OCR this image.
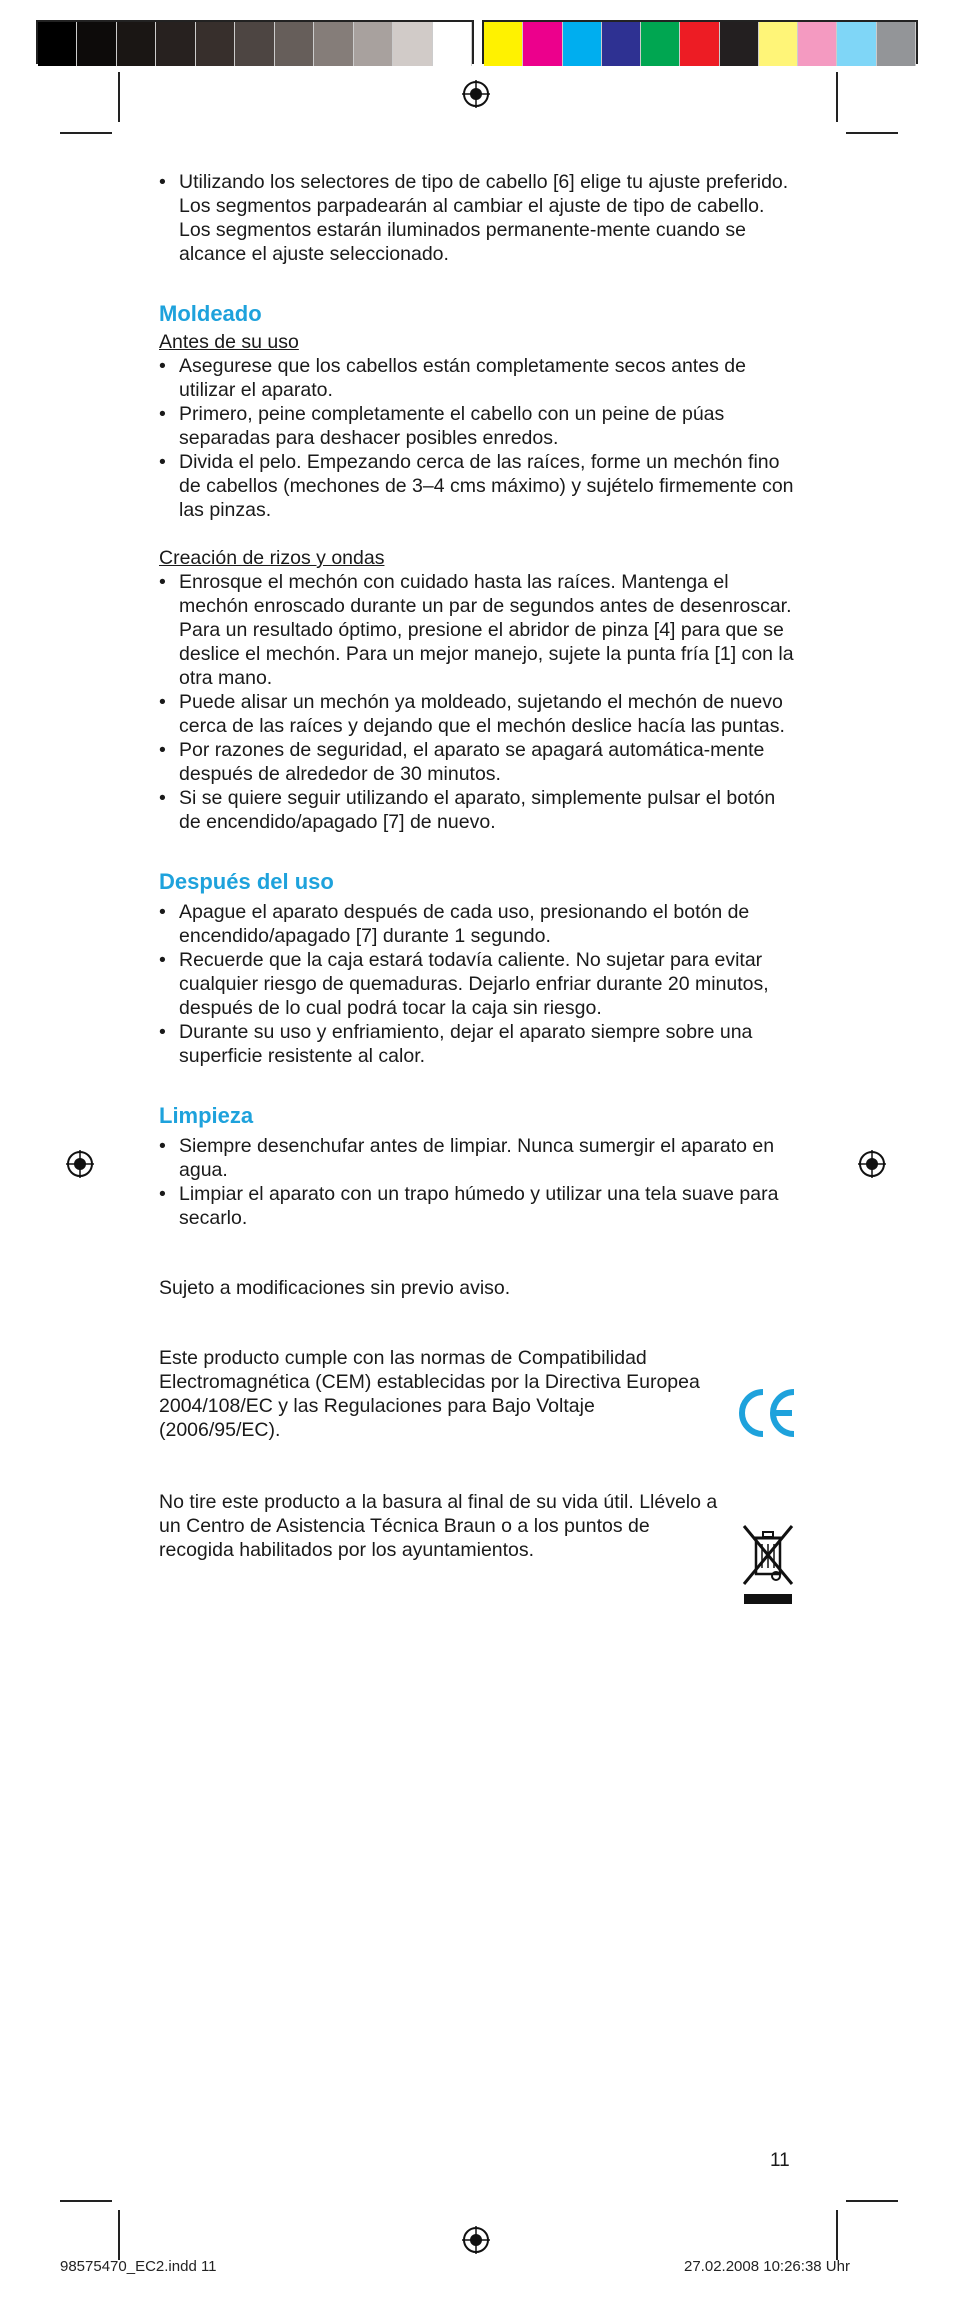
• Utilizando los selectores de tipo de cabello [6] elige tu ajuste preferido. Los segmentos parpadearán al cambiar el ajuste de tipo de cabello. Los segmentos estarán iluminados permanente-mente cuando se alcance el ajuste seleccionado.
Moldeado

Antes de su uso

• Asegurese que los cabellos están completamente secos antes de utilizar el aparato.
• Primero, peine completamente el cabello con un peine de púas separadas para deshacer posibles enredos.
• Divida el pelo. Empezando cerca de las raíces, forme un mechón fino de cabellos (mechones de 3–4 cms máximo) y sujételo firmemente con las pinzas.

Creación de rizos y ondas

• Enrosque el mechón con cuidado hasta las raíces. Mantenga el mechón enroscado durante un par de segundos antes de desenroscar. Para un resultado óptimo, presione el abridor de pinza [4] para que se deslice el mechón. Para un mejor manejo, sujete la punta fría [1] con la otra mano.
• Puede alisar un mechón ya moldeado, sujetando el mechón de nuevo cerca de las raíces y dejando que el mechón deslice hacía las puntas.
• Por razones de seguridad, el aparato se apagará automática-mente después de alrededor de 30 minutos.
• Si se quiere seguir utilizando el aparato, simplemente pulsar el botón de encendido/apagado [7] de nuevo.
Después del uso
• Apague el aparato después de cada uso, presionando el botón de encendido/apagado [7] durante 1 segundo.
• Recuerde que la caja estará todavía caliente. No sujetar para evitar cualquier riesgo de quemaduras. Dejarlo enfriar durante 20 minutos, después de lo cual podrá tocar la caja sin riesgo.
• Durante su uso y enfriamiento, dejar el aparato siempre sobre una superficie resistente al calor.
Limpieza
• Siempre desenchufar antes de limpiar. Nunca sumergir el aparato en agua.
• Limpiar el aparato con un trapo húmedo y utilizar una tela suave para secarlo.

Sujeto a modificaciones sin previo aviso.

Este producto cumple con las normas de Compatibilidad Electromagnética (CEM) establecidas por la Directiva Europea 2004/108/EC y las Regulaciones para Bajo Voltaje (2006/95/EC).

No tire este producto a la basura al final de su vida útil. Llévelo a un Centro de Asistencia Técnica Braun o a los puntos de recogida habilitados por los ayuntamientos.

11
98575470_EC2.indd 11	27.02.2008 10:26:38 Uhr
